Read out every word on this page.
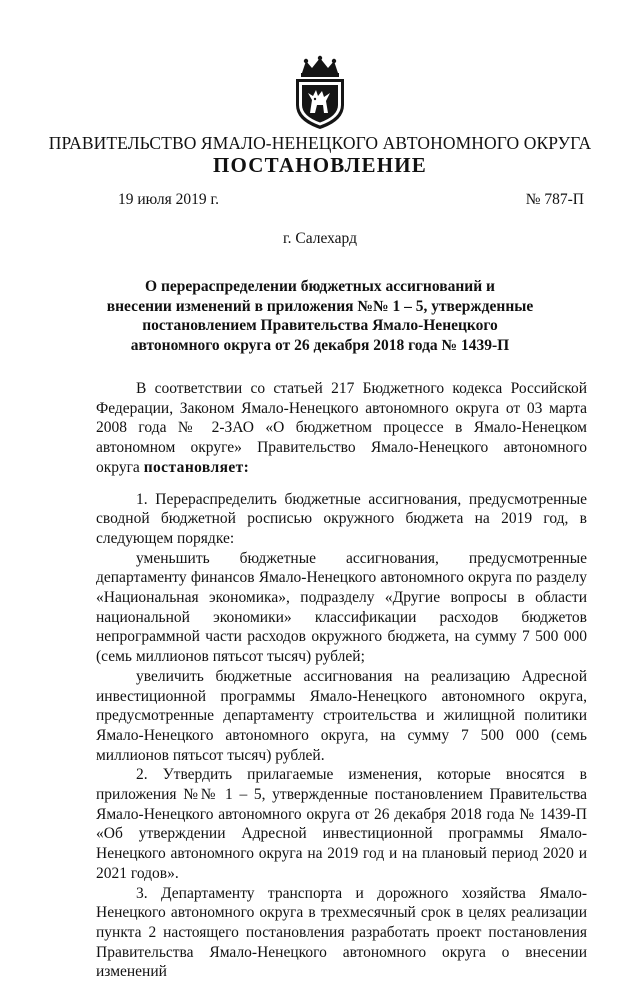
ПРАВИТЕЛЬСТВО ЯМАЛО-НЕНЕЦКОГО АВТОНОМНОГО ОКРУГА
ПОСТАНОВЛЕНИЕ
19 июля 2019 г.	№ 787-П
г. Салехард
О перераспределении бюджетных ассигнований и
внесении изменений в приложения №№ 1 – 5, утвержденные
постановлением Правительства Ямало-Ненецкого
автономного округа от 26 декабря 2018 года № 1439-П

В соответствии со статьей 217 Бюджетного кодекса Российской Федерации, Законом Ямало-Ненецкого автономного округа от 03 марта 2008 года № 2-ЗАО «О бюджетном процессе в Ямало-Ненецком автономном округе» Правительство Ямало-Ненецкого автономного округа постановляет:

1. Перераспределить бюджетные ассигнования, предусмотренные сводной бюджетной росписью окружного бюджета на 2019 год, в следующем порядке:

уменьшить бюджетные ассигнования, предусмотренные департаменту финансов Ямало-Ненецкого автономного округа по разделу «Национальная экономика», подразделу «Другие вопросы в области национальной экономики» классификации расходов бюджетов непрограммной части расходов окружного бюджета, на сумму 7 500 000 (семь миллионов пятьсот тысяч) рублей;

увеличить бюджетные ассигнования на реализацию Адресной инвестиционной программы Ямало-Ненецкого автономного округа, предусмотренные департаменту строительства и жилищной политики Ямало-Ненецкого автономного округа, на сумму 7 500 000 (семь миллионов пятьсот тысяч) рублей.

2. Утвердить прилагаемые изменения, которые вносятся в приложения №№ 1 – 5, утвержденные постановлением Правительства Ямало-Ненецкого автономного округа от 26 декабря 2018 года № 1439-П «Об утверждении Адресной инвестиционной программы Ямало-Ненецкого автономного округа на 2019 год и на плановый период 2020 и 2021 годов».

3. Департаменту транспорта и дорожного хозяйства Ямало-Ненецкого автономного округа в трехмесячный срок в целях реализации пункта 2 настоящего постановления разработать проект постановления Правительства Ямало-Ненецкого автономного округа о внесении изменений
